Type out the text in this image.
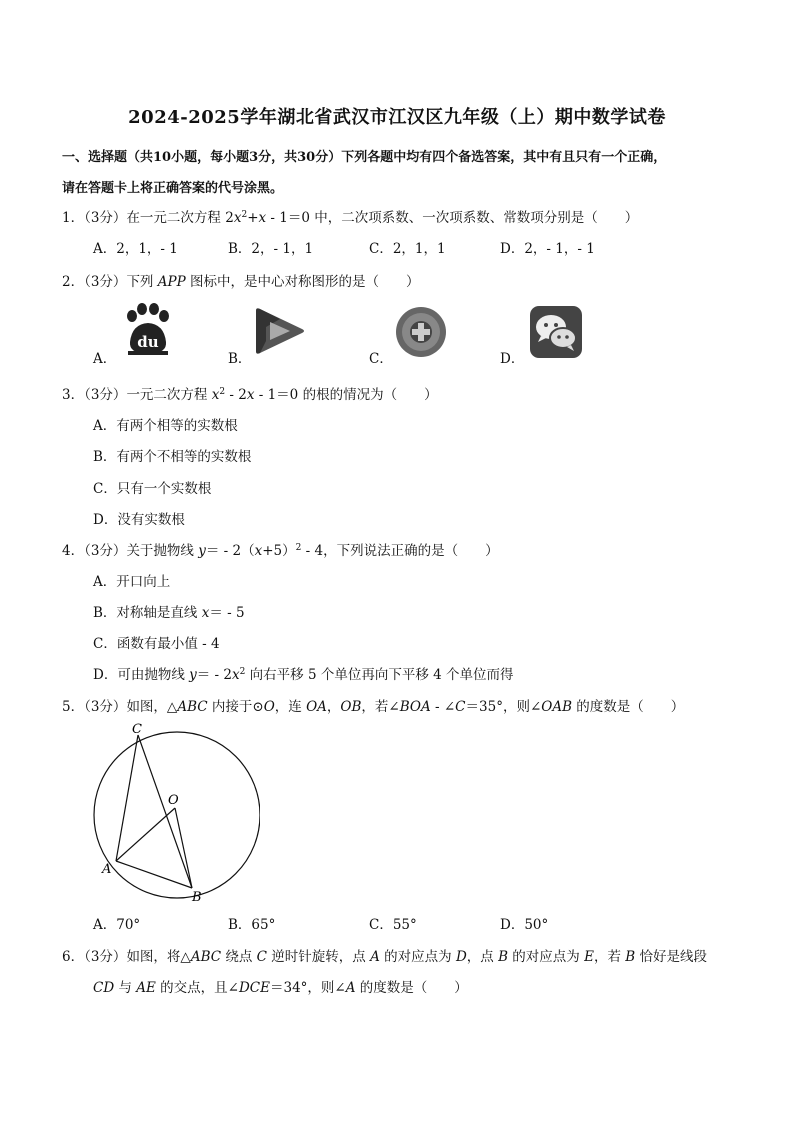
2024-2025学年湖北省武汉市江汉区九年级（上）期中数学试卷
一、选择题（共10小题，每小题3分，共30分）下列各题中均有四个备选答案，其中有且只有一个正确，
请在答题卡上将正确答案的代号涂黑。
1．（3分）在一元二次方程 $2x^2+x - 1=0$ 中，二次项系数、一次项系数、常数项分别是（　　）
A．2，1，- 1	B．2，- 1，1	C．2，1，1	D．2，- 1，- 1
2．（3分）下列 APP 图标中，是中心对称图形的是（　　）
A．	B．	C．	D．
du
3．（3分）一元二次方程 $x^2 - 2x - 1=0$ 的根的情况为（　　）
A．有两个相等的实数根
B．有两个不相等的实数根
C．只有一个实数根
D．没有实数根
4．（3分）关于抛物线 $y= - 2(x+5)^2 - 4$，下列说法正确的是（　　）
A．开口向上
B．对称轴是直线 x＝ - 5
C．函数有最小值 - 4
D．可由抛物线 $y= - 2x^2$ 向右平移 5 个单位再向下平移 4 个单位而得
5．（3分）如图，△ABC 内接于⊙O，连 OA，OB，若∠BOA - ∠C＝35°，则∠OAB 的度数是（　　）
C
O
A
B
A．70°	B．65°	C．55°	D．50°
6．（3分）如图，将△ABC 绕点 C 逆时针旋转，点 A 的对应点为 D，点 B 的对应点为 E，若 B 恰好是线段
CD 与 AE 的交点，且∠DCE＝34°，则∠A 的度数是（　　）
